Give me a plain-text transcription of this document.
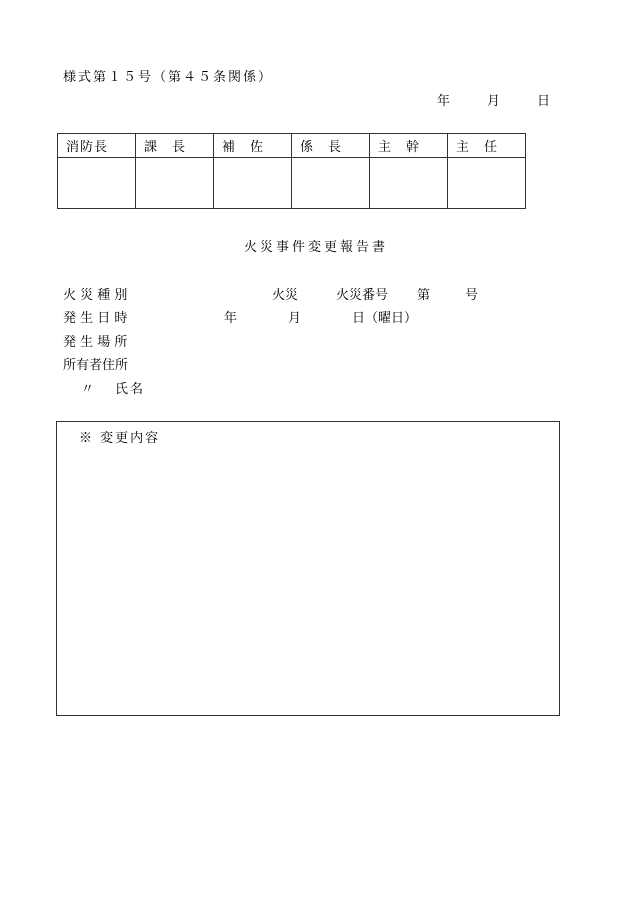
様式第１５号（第４５条関係）
年	月	日
消防長	課　長	補　佐	係　長	主　幹	主　任

火災事件変更報告書
火 災 種 別	火災	火災番号 第	号
発 生 日 時	年	月	日（曜日）
発 生 場 所
所有者住所
〃 氏名
※ 変更内容
